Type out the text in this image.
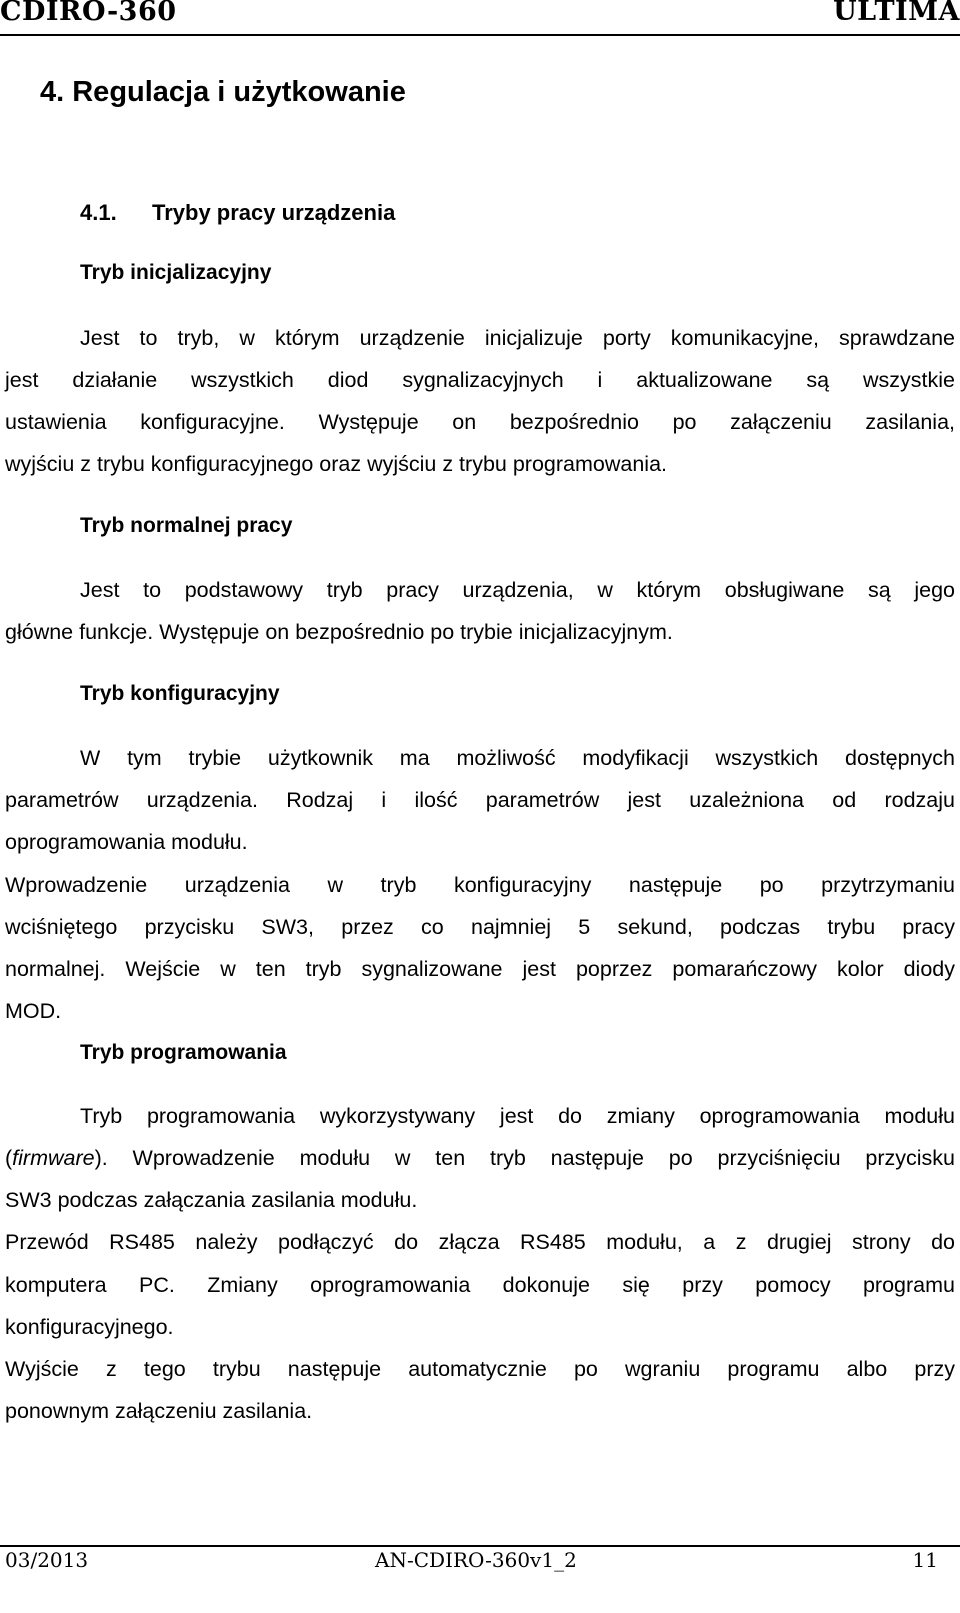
CDIRO-360	ULTIMA
4. Regulacja i użytkowanie
4.1. Tryby pracy urządzenia
Tryb inicjalizacyjny
Jest to tryb, w którym urządzenie inicjalizuje porty komunikacyjne, sprawdzane
jest działanie wszystkich diod sygnalizacyjnych i aktualizowane są wszystkie
ustawienia konfiguracyjne. Występuje on bezpośrednio po załączeniu zasilania,
wyjściu z trybu konfiguracyjnego oraz wyjściu z trybu programowania.
Tryb normalnej pracy
Jest to podstawowy tryb pracy urządzenia, w którym obsługiwane są jego
główne funkcje. Występuje on bezpośrednio po trybie inicjalizacyjnym.
Tryb konfiguracyjny
W tym trybie użytkownik ma możliwość modyfikacji wszystkich dostępnych
parametrów urządzenia. Rodzaj i ilość parametrów jest uzależniona od rodzaju
oprogramowania modułu.
Wprowadzenie urządzenia w tryb konfiguracyjny następuje po przytrzymaniu
wciśniętego przycisku SW3, przez co najmniej 5 sekund, podczas trybu pracy
normalnej. Wejście w ten tryb sygnalizowane jest poprzez pomarańczowy kolor diody
MOD.
Tryb programowania
Tryb programowania wykorzystywany jest do zmiany oprogramowania modułu
(firmware). Wprowadzenie modułu w ten tryb następuje po przyciśnięciu przycisku
SW3 podczas załączania zasilania modułu.
Przewód RS485 należy podłączyć do złącza RS485 modułu, a z drugiej strony do
komputera PC. Zmiany oprogramowania dokonuje się przy pomocy programu
konfiguracyjnego.
Wyjście z tego trybu następuje automatycznie po wgraniu programu albo przy
ponownym załączeniu zasilania.
03/2013	AN-CDIRO-360v1_2	11
